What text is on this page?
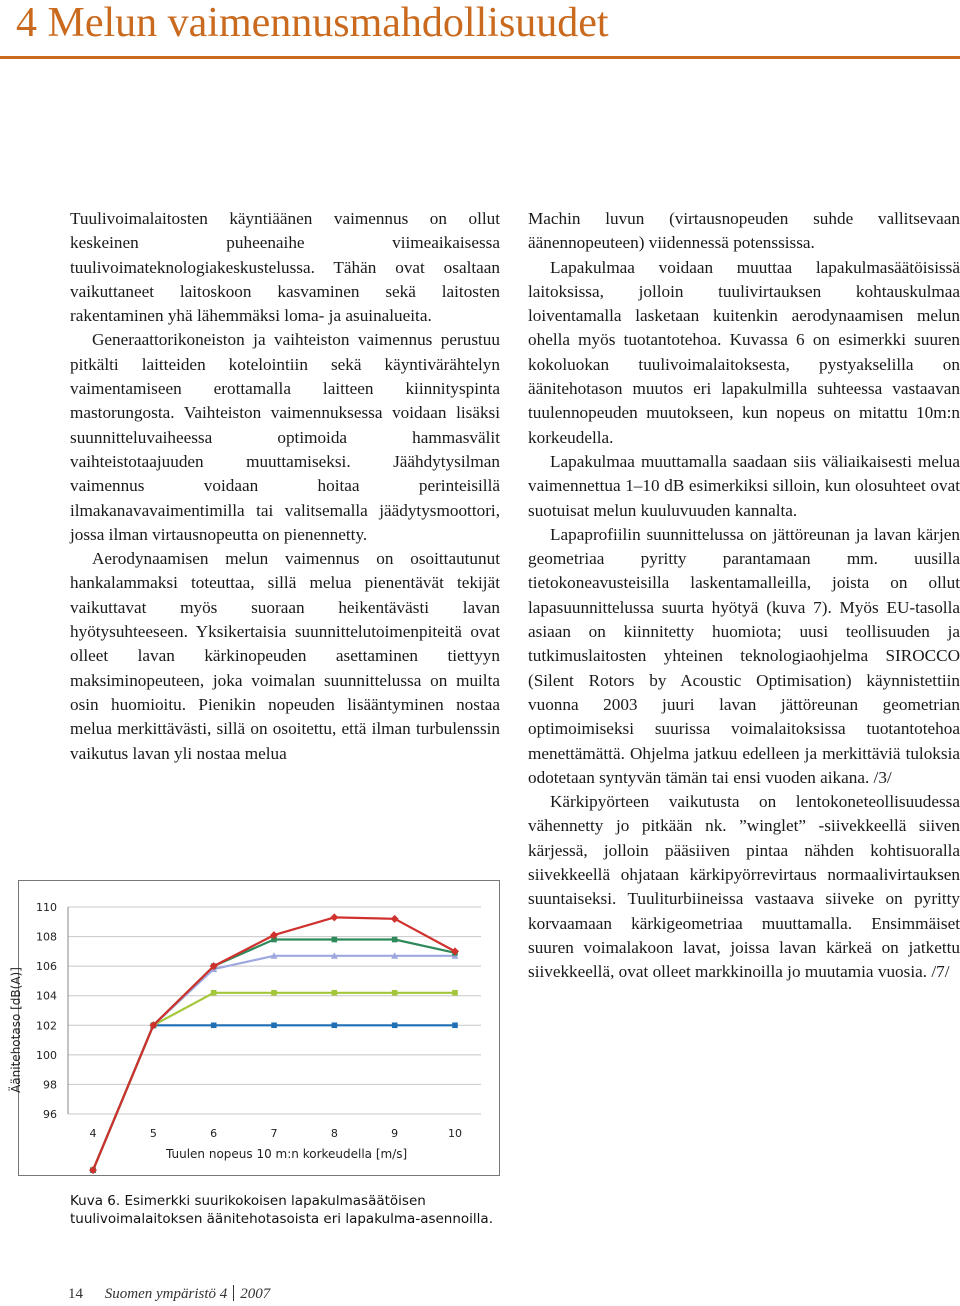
4 Melun vaimennusmahdollisuudet

Tuulivoimalaitosten käyntiäänen vaimennus on ollut keskeinen puheenaihe viimeaikaisessa tuulivoimateknologiakeskustelussa. Tähän ovat osaltaan vaikuttaneet laitoskoon kasvaminen sekä laitosten rakentaminen yhä lähemmäksi loma- ja asuinalueita.

Generaattorikoneiston ja vaihteiston vaimennus perustuu pitkälti laitteiden kotelointiin sekä käyntivärähtelyn vaimentamiseen erottamalla laitteen kiinnityspinta mastorungosta. Vaihteiston vaimennuksessa voidaan lisäksi suunnitteluvaiheessa optimoida hammasvälit vaihteistotaajuuden muuttamiseksi. Jäähdytysilman vaimennus voidaan hoitaa perinteisillä ilmakanavavaimentimilla tai valitsemalla jäädytysmoottori, jossa ilman virtausnopeutta on pienennetty.

Aerodynaamisen melun vaimennus on osoittautunut hankalammaksi toteuttaa, sillä melua pienentävät tekijät vaikuttavat myös suoraan heikentävästi lavan hyötysuhteeseen. Yksikertaisia suunnittelutoimenpiteitä ovat olleet lavan kärkinopeuden asettaminen tiettyyn maksiminopeuteen, joka voimalan suunnittelussa on muilta osin huomioitu. Pienikin nopeuden lisääntyminen nostaa melua merkittävästi, sillä on osoitettu, että ilman turbulenssin vaikutus lavan yli nostaa melua

Machin luvun (virtausnopeuden suhde vallitsevaan äänennopeuteen) viidennessä potenssissa.

Lapakulmaa voidaan muuttaa lapakulmasäätöisissä laitoksissa, jolloin tuulivirtauksen kohtauskulmaa loiventamalla lasketaan kuitenkin aerodynaamisen melun ohella myös tuotantotehoa. Kuvassa 6 on esimerkki suuren kokoluokan tuulivoimalaitoksesta, pystyakselilla on äänitehotason muutos eri lapakulmilla suhteessa vastaavan tuulennopeuden muutokseen, kun nopeus on mitattu 10m:n korkeudella.

Lapakulmaa muuttamalla saadaan siis väliaikaisesti melua vaimennettua 1–10 dB esimerkiksi silloin, kun olosuhteet ovat suotuisat melun kuuluvuuden kannalta.

Lapaprofiilin suunnittelussa on jättöreunan ja lavan kärjen geometriaa pyritty parantamaan mm. uusilla tietokoneavusteisilla laskentamalleilla, joista on ollut lapasuunnittelussa suurta hyötyä (kuva 7). Myös EU-tasolla asiaan on kiinnitetty huomiota; uusi teollisuuden ja tutkimuslaitosten yhteinen teknologiaohjelma SIROCCO (Silent Rotors by Acoustic Optimisation) käynnistettiin vuonna 2003 juuri lavan jättöreunan geometrian optimoimiseksi suurissa voimalaitoksissa tuotantotehoa menettämättä. Ohjelma jatkuu edelleen ja merkittäviä tuloksia odotetaan syntyvän tämän tai ensi vuoden aikana. /3/

Kärkipyörteen vaikutusta on lentokoneteollisuudessa vähennetty jo pitkään nk. ”winglet” -siivekkeellä siiven kärjessä, jolloin pääsiiven pintaa nähden kohtisuoralla siivekkeellä ohjataan kärkipyörrevirtaus normaalivirtauksen suuntaiseksi. Tuuliturbiineissa vastaava siiveke on pyritty korvaamaan kärkigeometriaa muuttamalla. Ensimmäiset suuren voimalakoon lavat, joissa lavan kärkeä on jatkettu siivekkeellä, ovat olleet markkinoilla jo muutamia vuosia. /7/

96
98
100
102
104
106
108
110
4	5	6	7	8	9	10
Äänitehotaso [dB(A)]
Tuulen nopeus 10 m:n korkeudella [m/s]
Kuva 6. Esimerkki suurikokoisen lapakulmasäätöisen tuulivoimalaitoksen äänitehotasoista eri lapakulma-asennoilla.
14 Suomen ympäristö 4 2007
